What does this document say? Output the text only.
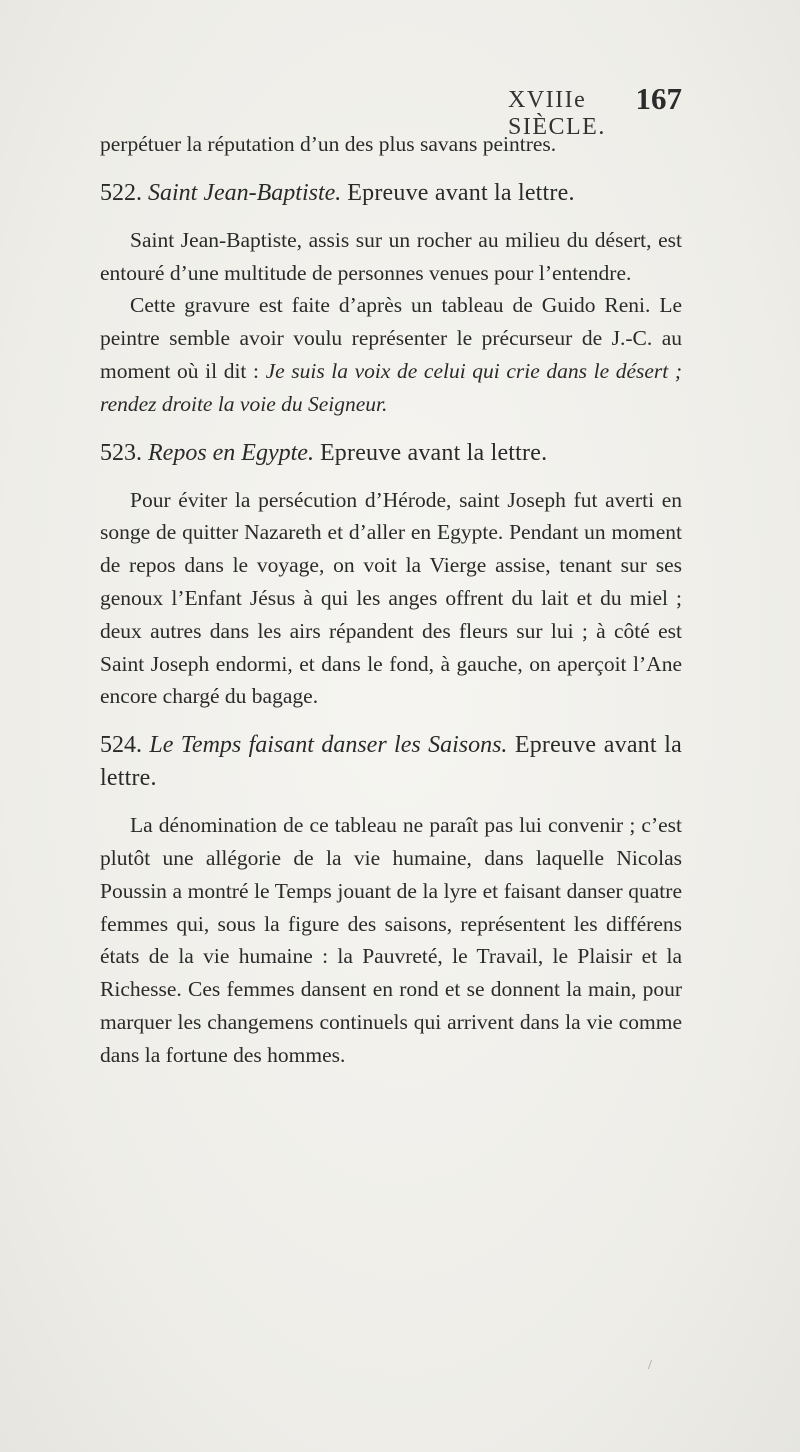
XVIIIe SIÈCLE.
167

perpétuer la réputation d’un des plus savans peintres.

522. Saint Jean-Baptiste. Epreuve avant la lettre.

Saint Jean-Baptiste, assis sur un rocher au milieu du désert, est entouré d’une multitude de personnes venues pour l’entendre.

Cette gravure est faite d’après un tableau de Guido Reni. Le peintre semble avoir voulu représenter le précurseur de J.-C. au moment où il dit : Je suis la voix de celui qui crie dans le désert ; rendez droite la voie du Seigneur.

523. Repos en Egypte. Epreuve avant la lettre.

Pour éviter la persécution d’Hérode, saint Joseph fut averti en songe de quitter Nazareth et d’aller en Egypte. Pendant un moment de repos dans le voyage, on voit la Vierge assise, tenant sur ses genoux l’Enfant Jésus à qui les anges offrent du lait et du miel ; deux autres dans les airs répandent des fleurs sur lui ; à côté est Saint Joseph endormi, et dans le fond, à gauche, on aperçoit l’Ane encore chargé du bagage.

524. Le Temps faisant danser les Saisons. Epreuve avant la lettre.

La dénomination de ce tableau ne paraît pas lui convenir ; c’est plutôt une allégorie de la vie humaine, dans laquelle Nicolas Poussin a montré le Temps jouant de la lyre et faisant danser quatre femmes qui, sous la figure des saisons, représentent les différens états de la vie humaine : la Pauvreté, le Travail, le Plaisir et la Richesse. Ces femmes dansent en rond et se donnent la main, pour marquer les changemens continuels qui arrivent dans la vie comme dans la fortune des hommes.

/
